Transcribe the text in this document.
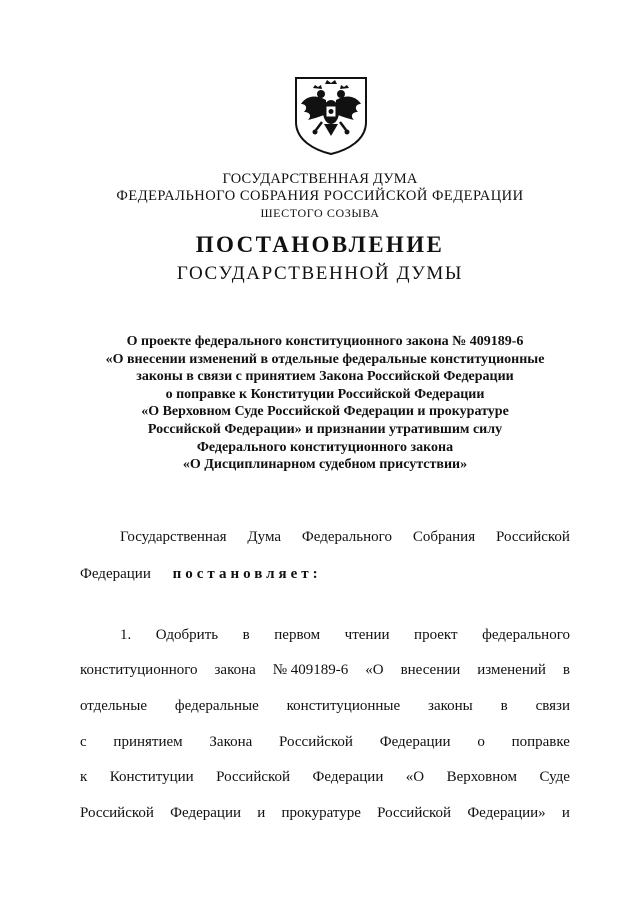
ГОСУДАРСТВЕННАЯ ДУМА
ФЕДЕРАЛЬНОГО СОБРАНИЯ РОССИЙСКОЙ ФЕДЕРАЦИИ
ШЕСТОГО СОЗЫВА
ПОСТАНОВЛЕНИЕ
ГОСУДАРСТВЕННОЙ ДУМЫ
О проекте федерального конституционного закона № 409189-6
«О внесении изменений в отдельные федеральные конституционные
законы в связи с принятием Закона Российской Федерации
о поправке к Конституции Российской Федерации
«О Верховном Суде Российской Федерации и прокуратуре
Российской Федерации» и признании утратившим силу
Федерального конституционного закона
«О Дисциплинарном судебном присутствии»
Государственная Дума Федерального Собрания Российской
Федерации постановляет:
1. Одобрить в первом чтении проект федерального
конституционного закона № 409189-6 «О внесении изменений в
отдельные федеральные конституционные законы в связи
с принятием Закона Российской Федерации о поправке
к Конституции Российской Федерации «О Верховном Суде
Российской Федерации и прокуратуре Российской Федерации» и
